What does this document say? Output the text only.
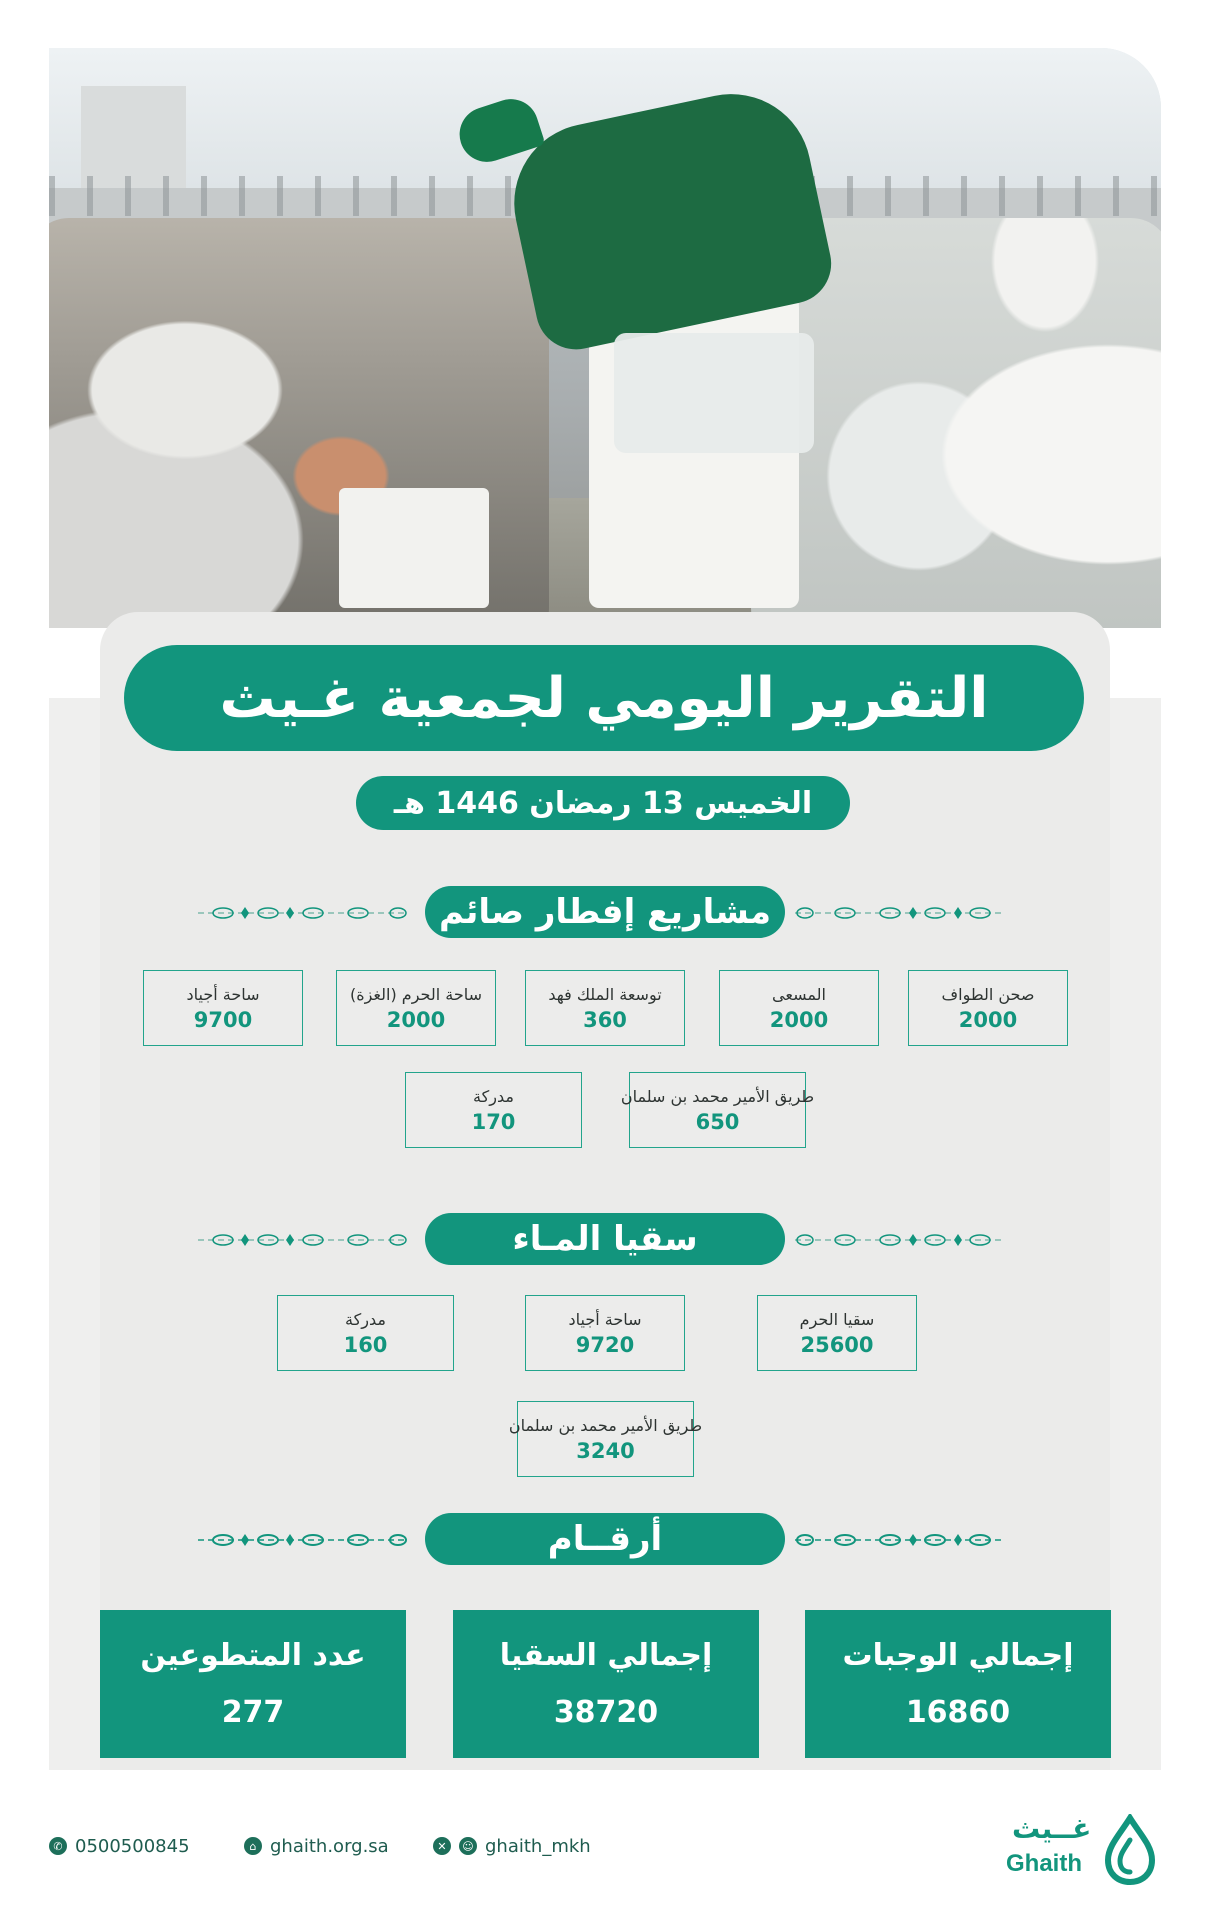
التقرير اليومي لجمعية غـيث
الخميس 13 رمضان 1446 هـ
مشاريع إفطار صائم
صحن الطواف
2000
المسعى
2000
توسعة الملك فهد
360
ساحة الحرم (الغزة)
2000
ساحة أجياد
9700
طريق الأمير محمد بن سلمان
650
مدركة
170
سقيا المـاء
سقيا الحرم
25600
ساحة أجياد
9720
مدركة
160
طريق الأمير محمد بن سلمان
3240
أرقــام
إجمالي الوجبات
16860
إجمالي السقيا
38720
عدد المتطوعين
277
✆ 0500500845	⌂ ghaith.org.sa	✕	☺ ghaith_mkh
غــيث
Ghaith
